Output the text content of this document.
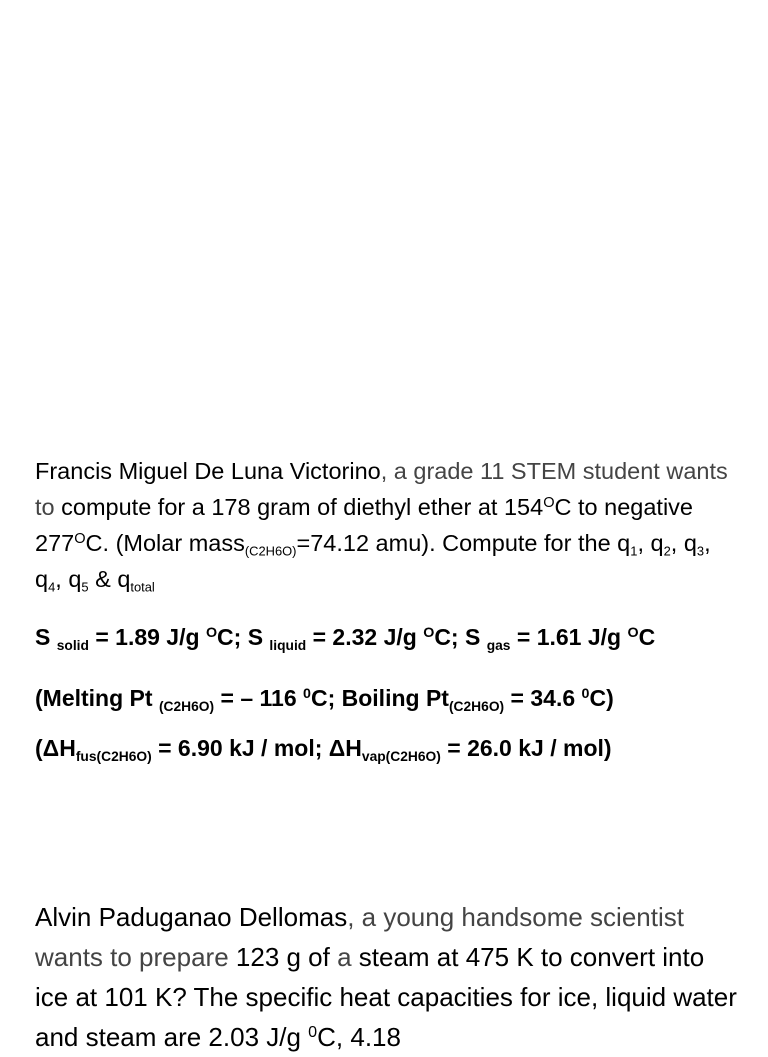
Francis Miguel De Luna Victorino, a grade 11 STEM student wants to compute for a 178 gram of diethyl ether at $154^OC$ to negative $277^OC$. (Molar mass$_{(C2H6O)}$=74.12 amu). Compute for the $q_1$, $q_2$, $q_3$, $q_4$, $q_5$ & $q_{total}$
S $_{solid}$ = 1.89 J/g $^O$C; S $_{liquid}$ = 2.32 J/g $^O$C; S $_{gas}$ = 1.61 J/g $^O$C
(Melting Pt $_{(C2H6O)}$ = – 116 $^0$C; Boiling $Pt_{(C2H6O)} = 34.6$ $^0$C)
($\Delta H_{fus(C2H6O)} = 6.90$ kJ / mol; $\Delta H_{vap(C2H6O)} = 26.0$ kJ / mol)
Alvin Paduganao Dellomas, a young handsome scientist wants to prepare 123 g of a steam at 475 K to convert into ice at 101 K? The specific heat capacities for ice, liquid water and steam are 2.03 J/g $^0$C, 4.18
